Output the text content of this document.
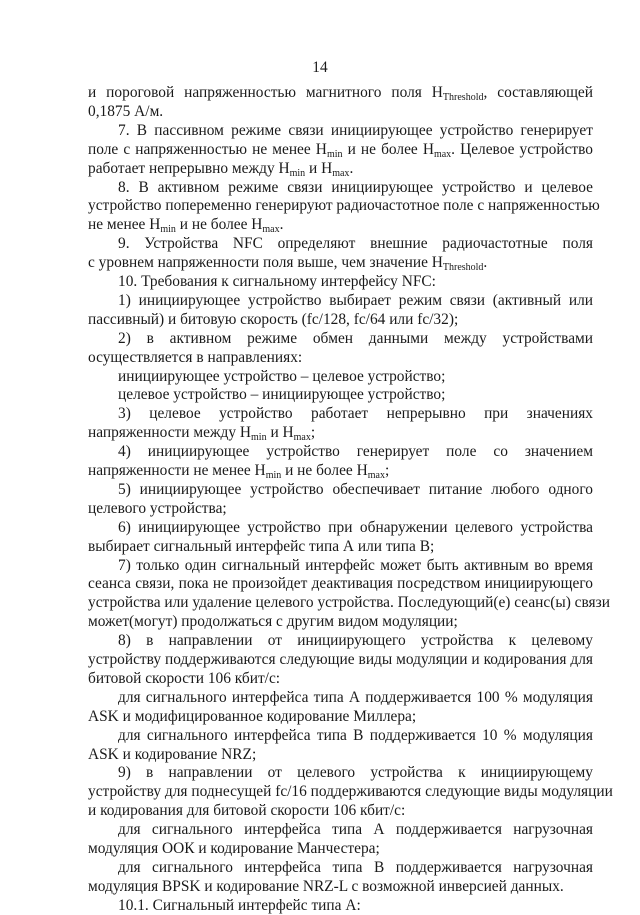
14
и пороговой напряженностью магнитного поля HThreshold, составляющей
0,1875 А/м.
7. В пассивном режиме связи инициирующее устройство генерирует
поле с напряженностью не менее Hmin и не более Hmax. Целевое устройство
работает непрерывно между Hmin и Hmax.
8. В активном режиме связи инициирующее устройство и целевое
устройство попеременно генерируют радиочастотное поле с напряженностью
не менее Hmin и не более Hmax.
9. Устройства NFC определяют внешние радиочастотные поля
с уровнем напряженности поля выше, чем значение HThreshold.
10. Требования к сигнальному интерфейсу NFC:
1) инициирующее устройство выбирает режим связи (активный или
пассивный) и битовую скорость (fc/128, fc/64 или fc/32);
2) в активном режиме обмен данными между устройствами
осуществляется в направлениях:
инициирующее устройство – целевое устройство;
целевое устройство – инициирующее устройство;
3) целевое устройство работает непрерывно при значениях
напряженности между Hmin и Hmax;
4) инициирующее устройство генерирует поле со значением
напряженности не менее Hmin и не более Hmax;
5) инициирующее устройство обеспечивает питание любого одного
целевого устройства;
6) инициирующее устройство при обнаружении целевого устройства
выбирает сигнальный интерфейс типа А или типа В;
7) только один сигнальный интерфейс может быть активным во время
сеанса связи, пока не произойдет деактивация посредством инициирующего
устройства или удаление целевого устройства. Последующий(е) сеанс(ы) связи
может(могут) продолжаться с другим видом модуляции;
8) в направлении от инициирующего устройства к целевому
устройству поддерживаются следующие виды модуляции и кодирования для
битовой скорости 106 кбит/с:
для сигнального интерфейса типа А поддерживается 100 % модуляция
ASK и модифицированное кодирование Миллера;
для сигнального интерфейса типа В поддерживается 10 % модуляция
ASK и кодирование NRZ;
9) в направлении от целевого устройства к инициирующему
устройству для поднесущей fc/16 поддерживаются следующие виды модуляции
и кодирования для битовой скорости 106 кбит/с:
для сигнального интерфейса типа А поддерживается нагрузочная
модуляция ООК и кодирование Манчестера;
для сигнального интерфейса типа В поддерживается нагрузочная
модуляция BPSK и кодирование NRZ-L с возможной инверсией данных.
10.1. Сигнальный интерфейс типа А:
